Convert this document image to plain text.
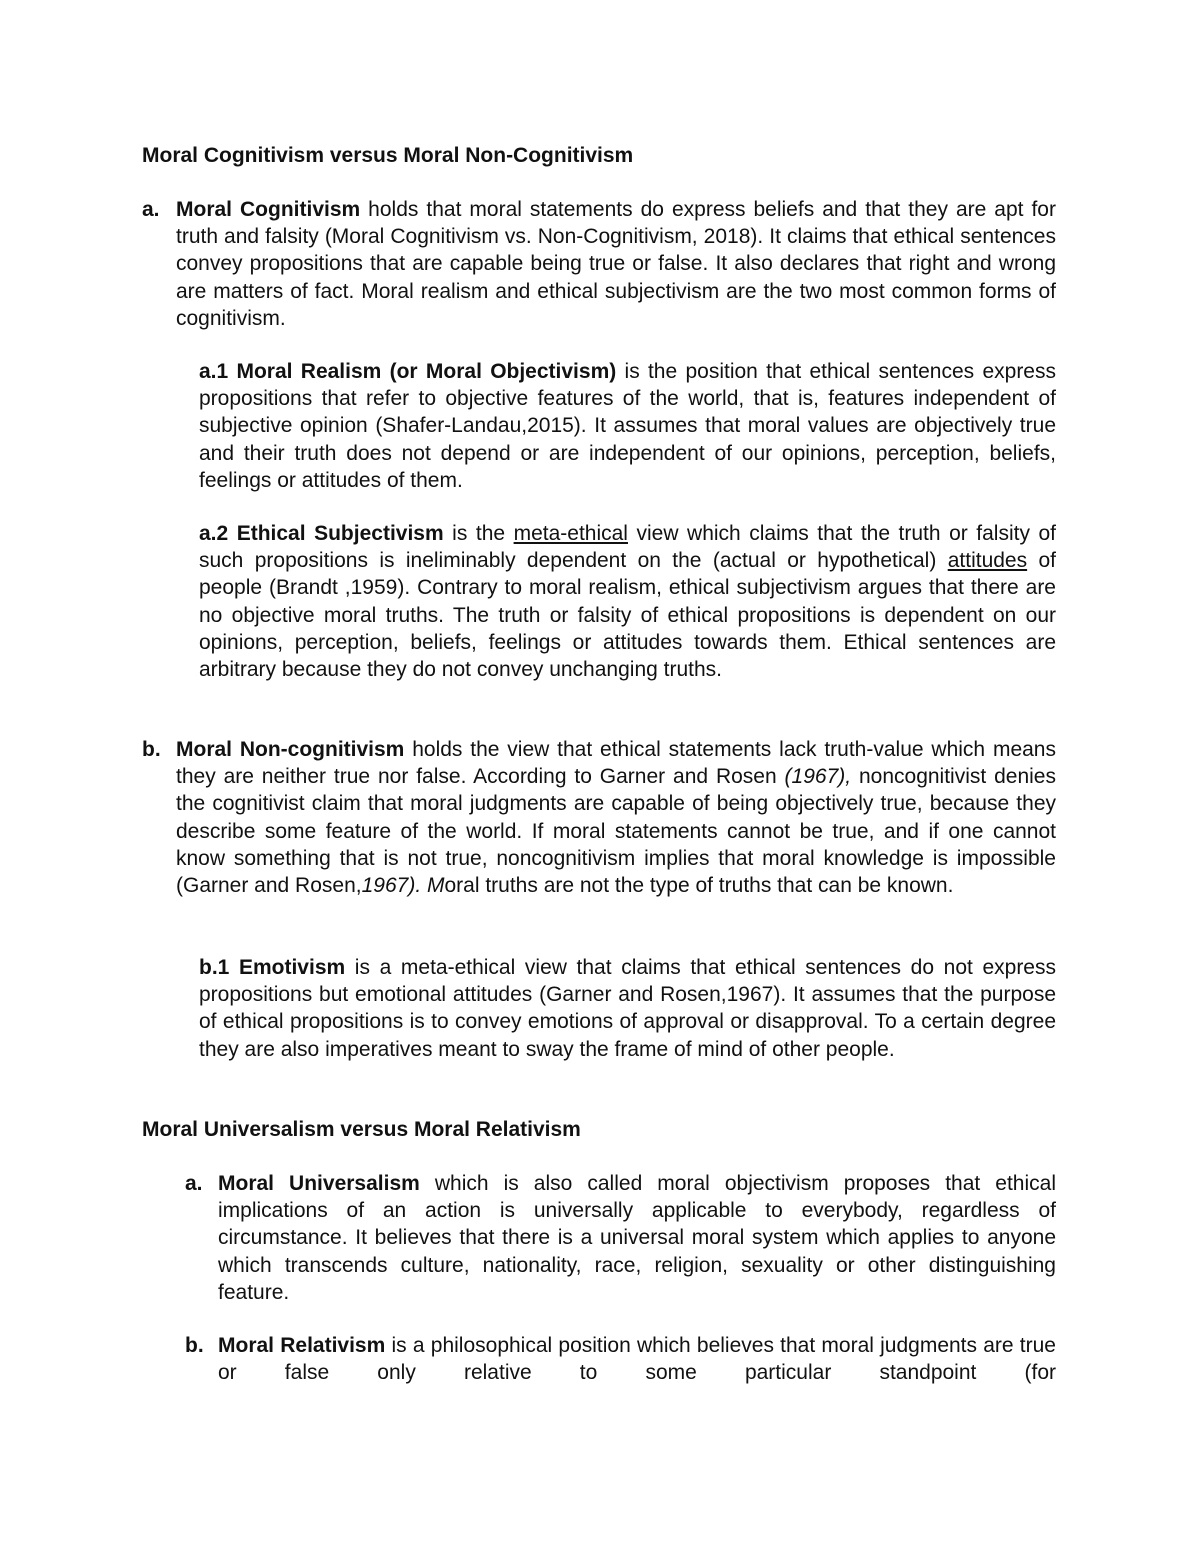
Moral Cognitivism versus Moral Non-Cognitivism
a. Moral Cognitivism holds that moral statements do express beliefs and that they are apt for truth and falsity (Moral Cognitivism vs. Non-Cognitivism, 2018). It claims that ethical sentences convey propositions that are capable being true or false. It also declares that right and wrong are matters of fact. Moral realism and ethical subjectivism are the two most common forms of cognitivism.
a.1 Moral Realism (or Moral Objectivism) is the position that ethical sentences express propositions that refer to objective features of the world, that is, features independent of subjective opinion (Shafer-Landau,2015). It assumes that moral values are objectively true and their truth does not depend or are independent of our opinions, perception, beliefs, feelings or attitudes of them.
a.2 Ethical Subjectivism is the meta-ethical view which claims that the truth or falsity of such propositions is ineliminably dependent on the (actual or hypothetical) attitudes of people (Brandt ,1959). Contrary to moral realism, ethical subjectivism argues that there are no objective moral truths. The truth or falsity of ethical propositions is dependent on our opinions, perception, beliefs, feelings or attitudes towards them. Ethical sentences are arbitrary because they do not convey unchanging truths.
b. Moral Non-cognitivism holds the view that ethical statements lack truth-value which means they are neither true nor false. According to Garner and Rosen (1967), noncognitivist denies the cognitivist claim that moral judgments are capable of being objectively true, because they describe some feature of the world. If moral statements cannot be true, and if one cannot know something that is not true, noncognitivism implies that moral knowledge is impossible (Garner and Rosen,1967). Moral truths are not the type of truths that can be known.
b.1 Emotivism is a meta-ethical view that claims that ethical sentences do not express propositions but emotional attitudes (Garner and Rosen,1967). It assumes that the purpose of ethical propositions is to convey emotions of approval or disapproval. To a certain degree they are also imperatives meant to sway the frame of mind of other people.
Moral Universalism versus Moral Relativism
a. Moral Universalism which is also called moral objectivism proposes that ethical implications of an action is universally applicable to everybody, regardless of circumstance. It believes that there is a universal moral system which applies to anyone which transcends culture, nationality, race, religion, sexuality or other distinguishing feature.
b. Moral Relativism is a philosophical position which believes that moral judgments are true or false only relative to some particular standpoint (for
